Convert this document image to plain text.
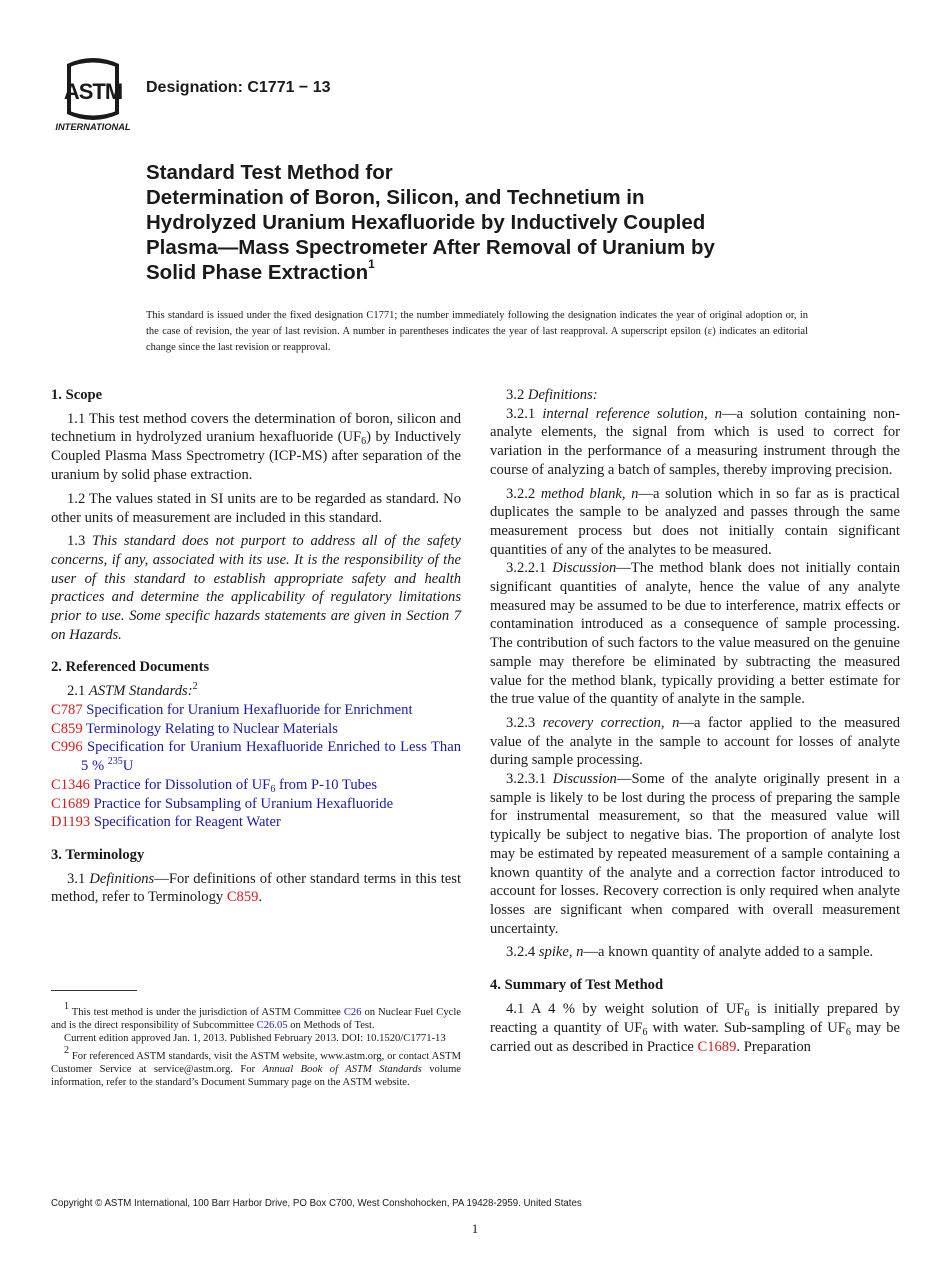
ASTM
INTERNATIONAL
Designation: C1771 − 13
Standard Test Method for
Determination of Boron, Silicon, and Technetium in
Hydrolyzed Uranium Hexafluoride by Inductively Coupled
Plasma—Mass Spectrometer After Removal of Uranium by
Solid Phase Extraction$^1$
This standard is issued under the fixed designation C1771; the number immediately following the designation indicates the year of original adoption or, in the case of revision, the year of last revision. A number in parentheses indicates the year of last reapproval. A superscript epsilon (ε) indicates an editorial change since the last revision or reapproval.
1. Scope

1.1 This test method covers the determination of boron, silicon and technetium in hydrolyzed uranium hexafluoride $(UF_6)$ by Inductively Coupled Plasma Mass Spectrometry (ICP-MS) after separation of the uranium by solid phase extraction.

1.2 The values stated in SI units are to be regarded as standard. No other units of measurement are included in this standard.

1.3 This standard does not purport to address all of the safety concerns, if any, associated with its use. It is the responsibility of the user of this standard to establish appropriate safety and health practices and determine the applicability of regulatory limitations prior to use. Some specific hazards statements are given in Section 7 on Hazards.

2. Referenced Documents

2.1 ASTM Standards:$^2$

C787 Specification for Uranium Hexafluoride for Enrichment

C859 Terminology Relating to Nuclear Materials

C996 Specification for Uranium Hexafluoride Enriched to Less Than 5 % $^{235}$U

C1346 Practice for Dissolution of $UF_6$ from P-10 Tubes

C1689 Practice for Subsampling of Uranium Hexafluoride

D1193 Specification for Reagent Water

3. Terminology

3.1 Definitions—For definitions of other standard terms in this test method, refer to Terminology C859.

$^1$ This test method is under the jurisdiction of ASTM Committee C26 on Nuclear Fuel Cycle and is the direct responsibility of Subcommittee C26.05 on Methods of Test.

Current edition approved Jan. 1, 2013. Published February 2013. DOI: 10.1520/C1771-13

$^2$ For referenced ASTM standards, visit the ASTM website, www.astm.org, or contact ASTM Customer Service at service@astm.org. For Annual Book of ASTM Standards volume information, refer to the standard’s Document Summary page on the ASTM website.

3.2 Definitions:

3.2.1 internal reference solution, n—a solution containing non-analyte elements, the signal from which is used to correct for variation in the performance of a measuring instrument through the course of analyzing a batch of samples, thereby improving precision.

3.2.2 method blank, n—a solution which in so far as is practical duplicates the sample to be analyzed and passes through the same measurement process but does not initially contain significant quantities of any of the analytes to be measured.

3.2.2.1 Discussion—The method blank does not initially contain significant quantities of analyte, hence the value of any analyte measured may be assumed to be due to interference, matrix effects or contamination introduced as a consequence of sample processing. The contribution of such factors to the value measured on the genuine sample may therefore be eliminated by subtracting the measured value for the method blank, typically providing a better estimate for the true value of the quantity of analyte in the sample.

3.2.3 recovery correction, n—a factor applied to the measured value of the analyte in the sample to account for losses of analyte during sample processing.

3.2.3.1 Discussion—Some of the analyte originally present in a sample is likely to be lost during the process of preparing the sample for instrumental measurement, so that the measured value will typically be subject to negative bias. The proportion of analyte lost may be estimated by repeated measurement of a sample containing a known quantity of the analyte and a correction factor introduced to account for losses. Recovery correction is only required when analyte losses are significant when compared with overall measurement uncertainty.

3.2.4 spike, n—a known quantity of analyte added to a sample.

4. Summary of Test Method

4.1 A 4 % by weight solution of $UF_6$ is initially prepared by reacting a quantity of $UF_6$ with water. Sub-sampling of $UF_6$ may be carried out as described in Practice C1689. Preparation

Copyright © ASTM International, 100 Barr Harbor Drive, PO Box C700, West Conshohocken, PA 19428-2959. United States
1
